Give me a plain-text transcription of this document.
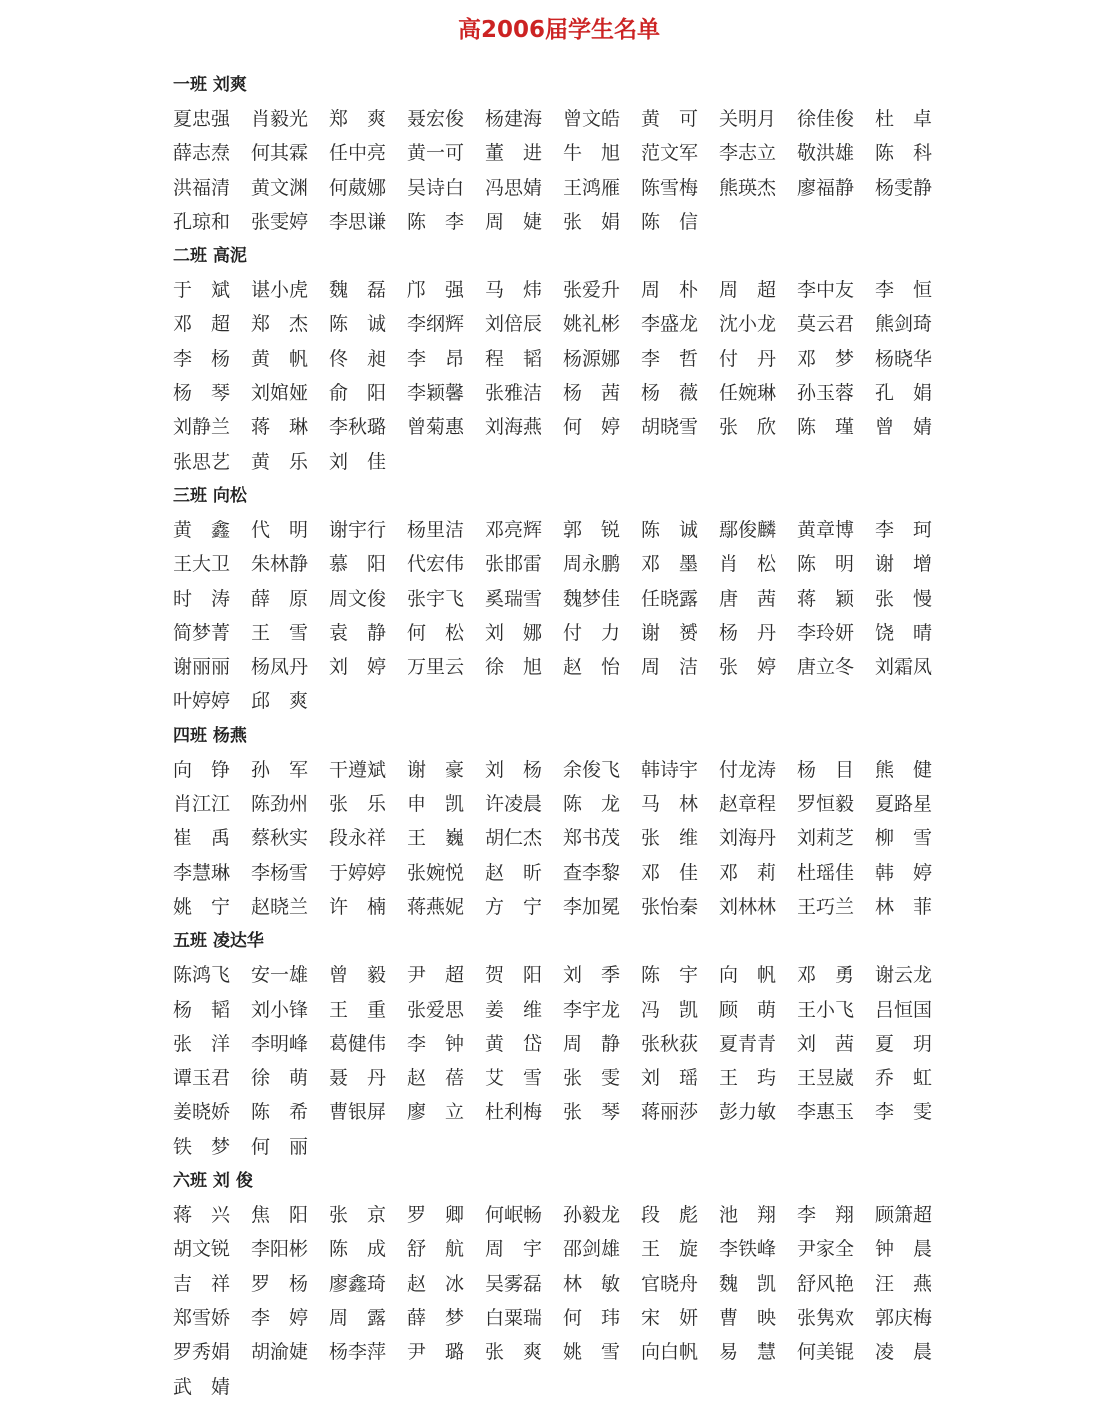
高2006届学生名单
一班 刘爽
夏忠强	肖毅光	郑　爽	聂宏俊	杨建海	曾文皓	黄　可	关明月	徐佳俊	杜　卓
薛志焘	何其霖	任中亮	黄一可	董　进	牛　旭	范文军	李志立	敬洪雄	陈　科
洪福清	黄文渊	何葳娜	吴诗白	冯思婧	王鸿雁	陈雪梅	熊瑛杰	廖福静	杨雯静
孔琼和	张雯婷	李思谦	陈　李	周　婕	张　娟	陈　信
二班 高泥
于　斌	谌小虎	魏　磊	邝　强	马　炜	张爱升	周　朴	周　超	李中友	李　恒
邓　超	郑　杰	陈　诚	李纲辉	刘倍辰	姚礼彬	李盛龙	沈小龙	莫云君	熊剑琦
李　杨	黄　帆	佟　昶	李　昂	程　韬	杨源娜	李　哲	付　丹	邓　梦	杨晓华
杨　琴	刘婠娅	俞　阳	李颖馨	张雅洁	杨　茜	杨　薇	任婉琳	孙玉蓉	孔　娟
刘静兰	蒋　琳	李秋璐	曾菊惠	刘海燕	何　婷	胡晓雪	张　欣	陈　瑾	曾　婧
张思艺	黄　乐	刘　佳
三班 向松
黄　鑫	代　明	谢宇行	杨里洁	邓亮辉	郭　锐	陈　诚	鄢俊麟	黄章博	李　珂
王大卫	朱林静	慕　阳	代宏伟	张邯雷	周永鹏	邓　墨	肖　松	陈　明	谢　增
时　涛	薛　原	周文俊	张宇飞	奚瑞雪	魏梦佳	任晓露	唐　茜	蒋　颖	张　慢
简梦菁	王　雪	袁　静	何　松	刘　娜	付　力	谢　赟	杨　丹	李玲妍	饶　晴
谢丽丽	杨凤丹	刘　婷	万里云	徐　旭	赵　怡	周　洁	张　婷	唐立冬	刘霜凤
叶婷婷	邱　爽
四班 杨燕
向　铮	孙　军	干遵斌	谢　豪	刘　杨	余俊飞	韩诗宇	付龙涛	杨　目	熊　健
肖江江	陈劲州	张　乐	申　凯	许凌晨	陈　龙	马　林	赵章程	罗恒毅	夏路星
崔　禹	蔡秋实	段永祥	王　巍	胡仁杰	郑书茂	张　维	刘海丹	刘莉芝	柳　雪
李慧琳	李杨雪	于婷婷	张婉悦	赵　昕	查李黎	邓　佳	邓　莉	杜瑶佳	韩　婷
姚　宁	赵晓兰	许　楠	蒋燕妮	方　宁	李加冕	张怡秦	刘林林	王巧兰	林　菲
五班 凌达华
陈鸿飞	安一雄	曾　毅	尹　超	贺　阳	刘　季	陈　宇	向　帆	邓　勇	谢云龙
杨　韬	刘小锋	王　重	张爱思	姜　维	李宇龙	冯　凯	顾　萌	王小飞	吕恒国
张　洋	李明峰	葛健伟	李　钟	黄　岱	周　静	张秋荻	夏青青	刘　茜	夏　玥
谭玉君	徐　萌	聂　丹	赵　蓓	艾　雪	张　雯	刘　瑶	王　玙	王昱崴	乔　虹
姜晓娇	陈　希	曹银屏	廖　立	杜利梅	张　琴	蒋丽莎	彭力敏	李惠玉	李　雯
铁　梦	何　丽
六班 刘 俊
蒋　兴	焦　阳	张　京	罗　卿	何岷畅	孙毅龙	段　彪	池　翔	李　翔	顾箫超
胡文锐	李阳彬	陈　成	舒　航	周　宇	邵剑雄	王　旋	李铁峰	尹家全	钟　晨
吉　祥	罗　杨	廖鑫琦	赵　冰	吴雾磊	林　敏	官晓舟	魏　凯	舒风艳	汪　燕
郑雪娇	李　婷	周　露	薛　梦	白粟瑞	何　玮	宋　妍	曹　映	张隽欢	郭庆梅
罗秀娟	胡渝婕	杨李萍	尹　璐	张　爽	姚　雪	向白帆	易　慧	何美锟	凌　晨
武　婧
